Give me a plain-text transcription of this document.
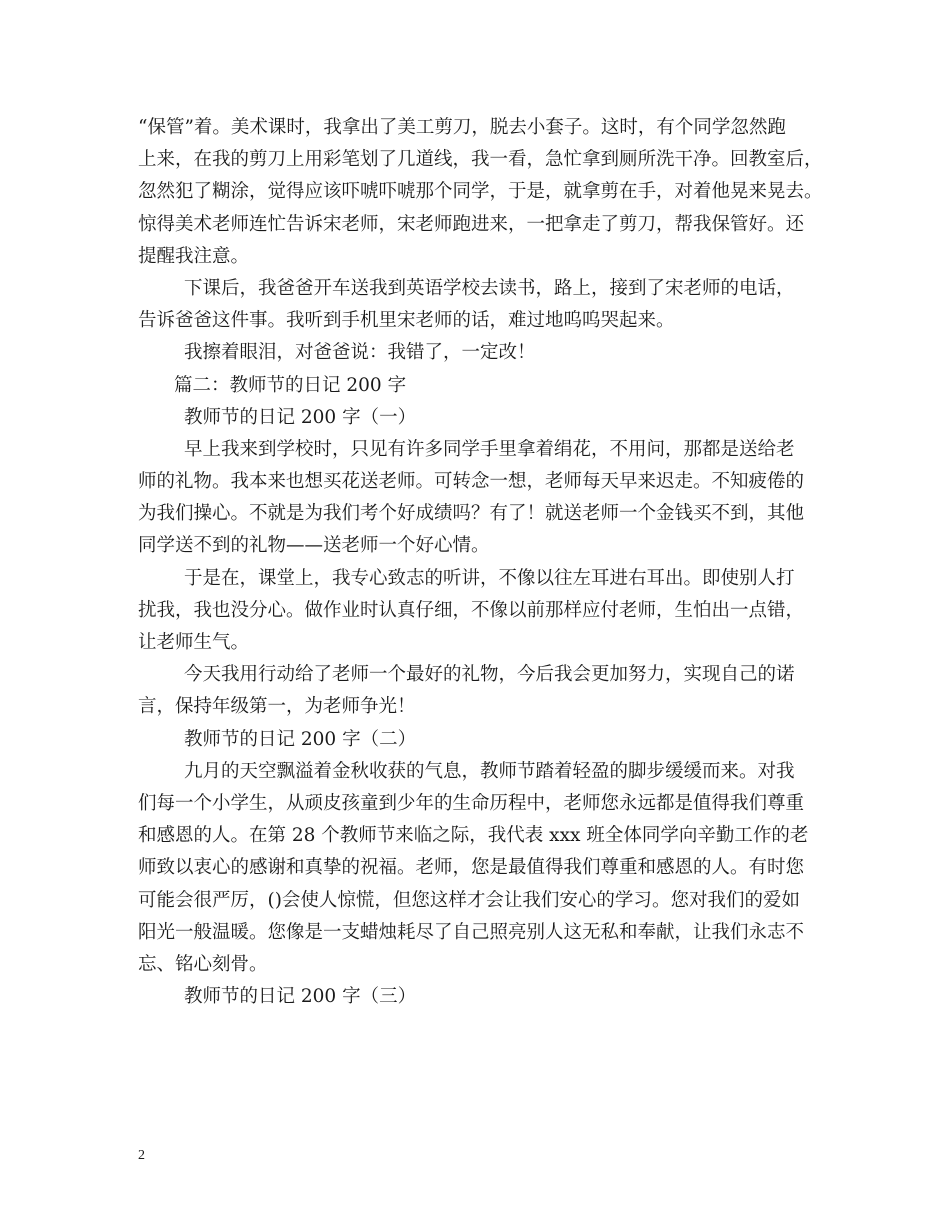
“保管”着。美术课时，我拿出了美工剪刀，脱去小套子。这时，有个同学忽然跑
上来，在我的剪刀上用彩笔划了几道线，我一看，急忙拿到厕所洗干净。回教室后，
忽然犯了糊涂，觉得应该吓唬吓唬那个同学，于是，就拿剪在手，对着他晃来晃去。
惊得美术老师连忙告诉宋老师，宋老师跑进来，一把拿走了剪刀，帮我保管好。还
提醒我注意。
下课后，我爸爸开车送我到英语学校去读书，路上，接到了宋老师的电话，
告诉爸爸这件事。我听到手机里宋老师的话，难过地呜呜哭起来。
我擦着眼泪，对爸爸说：我错了，一定改！
篇二：教师节的日记 200 字
教师节的日记 200 字（一）
早上我来到学校时，只见有许多同学手里拿着绢花，不用问，那都是送给老
师的礼物。我本来也想买花送老师。可转念一想，老师每天早来迟走。不知疲倦的
为我们操心。不就是为我们考个好成绩吗？有了！就送老师一个金钱买不到，其他
同学送不到的礼物——送老师一个好心情。
于是在，课堂上，我专心致志的听讲，不像以往左耳进右耳出。即使别人打
扰我，我也没分心。做作业时认真仔细，不像以前那样应付老师，生怕出一点错，
让老师生气。
今天我用行动给了老师一个最好的礼物，今后我会更加努力，实现自己的诺
言，保持年级第一，为老师争光！
教师节的日记 200 字（二）
九月的天空飘溢着金秋收获的气息，教师节踏着轻盈的脚步缓缓而来。对我
们每一个小学生，从顽皮孩童到少年的生命历程中，老师您永远都是值得我们尊重
和感恩的人。在第 28 个教师节来临之际，我代表 xxx 班全体同学向辛勤工作的老
师致以衷心的感谢和真挚的祝福。老师，您是最值得我们尊重和感恩的人。有时您
可能会很严厉，()会使人惊慌，但您这样才会让我们安心的学习。您对我们的爱如
阳光一般温暖。您像是一支蜡烛耗尽了自己照亮别人这无私和奉献，让我们永志不
忘、铭心刻骨。
教师节的日记 200 字（三）
2
